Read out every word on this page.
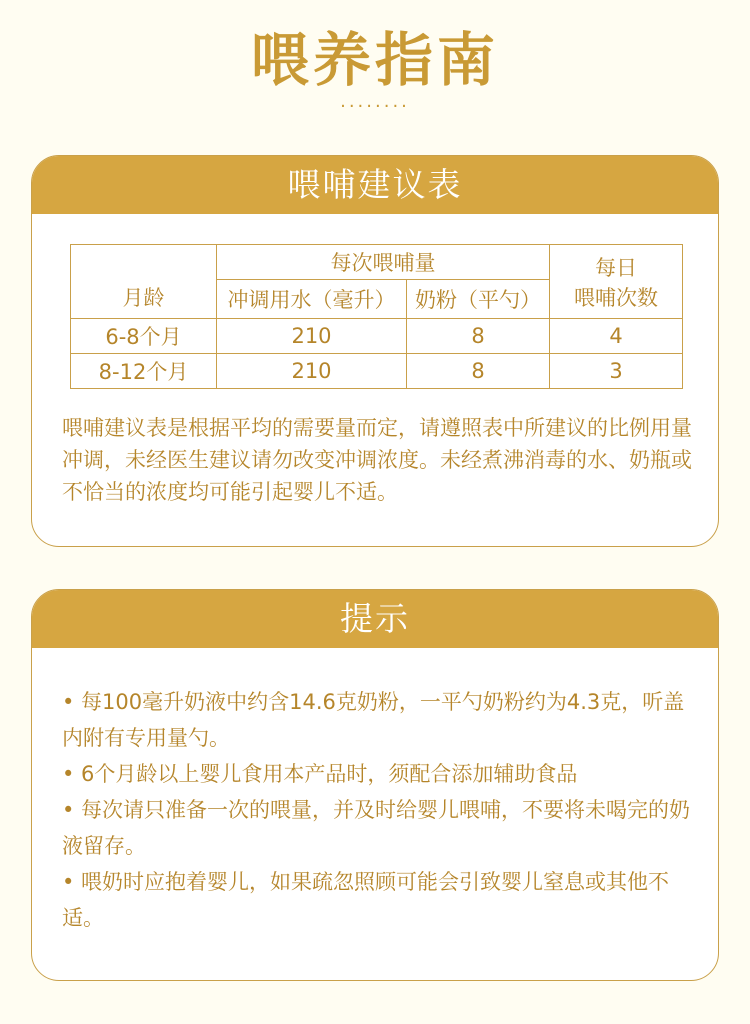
喂养指南
········
喂哺建议表
月龄	每次喂哺量		每日
喂哺次数

	冲调用水（毫升）	奶粉（平勺）	
6-8个月	210	8	4
8-12个月	210	8	3

喂哺建议表是根据平均的需要量而定，请遵照表中所建议的比例用量冲调，未经医生建议请勿改变冲调浓度。未经煮沸消毒的水、奶瓶或不恰当的浓度均可能引起婴儿不适。

提示
• 每100毫升奶液中约含14.6克奶粉，一平勺奶粉约为4.3克，听盖内附有专用量勺。
• 6个月龄以上婴儿食用本产品时，须配合添加辅助食品
• 每次请只准备一次的喂量，并及时给婴儿喂哺，不要将未喝完的奶液留存。
• 喂奶时应抱着婴儿，如果疏忽照顾可能会引致婴儿窒息或其他不适。
